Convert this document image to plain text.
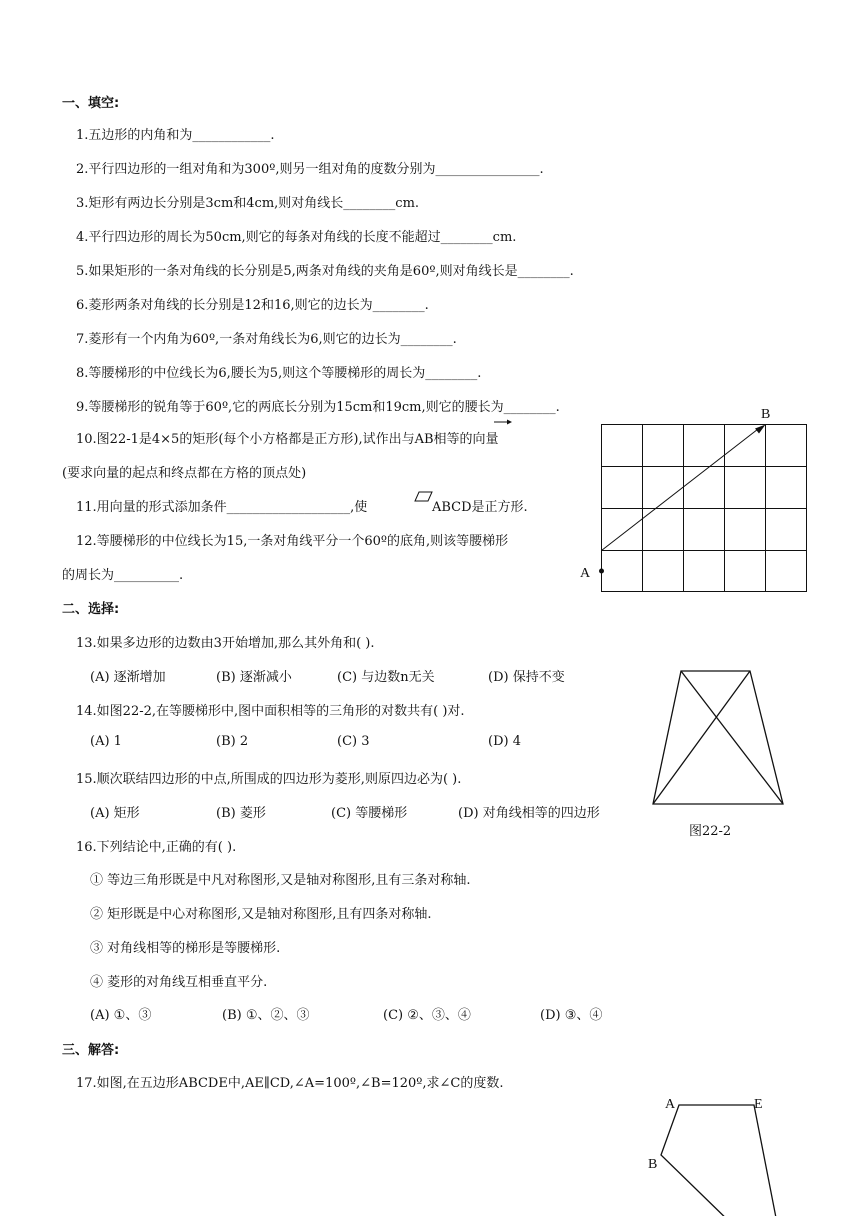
一、填空:
1.五边形的内角和为____________.
2.平行四边形的一组对角和为300º,则另一组对角的度数分别为________________.
3.矩形有两边长分别是3cm和4cm,则对角线长________cm.
4.平行四边形的周长为50cm,则它的每条对角线的长度不能超过________cm.
5.如果矩形的一条对角线的长分别是5,两条对角线的夹角是60º,则对角线长是________.
6.菱形两条对角线的长分别是12和16,则它的边长为________.
7.菱形有一个内角为60º,一条对角线长为6,则它的边长为________.
8.等腰梯形的中位线长为6,腰长为5,则这个等腰梯形的周长为________.
9.等腰梯形的锐角等于60º,它的两底长分别为15cm和19cm,则它的腰长为________.
10.图22-1是4×5的矩形(每个小方格都是正方形),试作出与AB相等的向量
(要求向量的起点和终点都在方格的顶点处)
11.用向量的形式添加条件___________________,使	ABCD是正方形.
12.等腰梯形的中位线长为15,一条对角线平分一个60º的底角,则该等腰梯形
的周长为__________.	A
B
二、选择:
13.如果多边形的边数由3开始增加,那么其外角和( ).
(A) 逐渐增加	(B) 逐渐减小	(C) 与边数n无关	(D) 保持不变
14.如图22-2,在等腰梯形中,图中面积相等的三角形的对数共有( )对.
(A) 1	(B) 2	(C) 3	(D) 4
15.顺次联结四边形的中点,所围成的四边形为菱形,则原四边必为( ).
(A) 矩形	(B) 菱形	(C) 等腰梯形	(D) 对角线相等的四边形
图22-2
16.下列结论中,正确的有( ).
① 等边三角形既是中凡对称图形,又是轴对称图形,且有三条对称轴.
② 矩形既是中心对称图形,又是轴对称图形,且有四条对称轴.
③ 对角线相等的梯形是等腰梯形.
④ 菱形的对角线互相垂直平分.
(A) ①、③	(B) ①、②、③	(C) ②、③、④	(D) ③、④
三、解答:
17.如图,在五边形ABCDE中,AE∥CD,∠A=100º,∠B=120º,求∠C的度数.
A	E
B
